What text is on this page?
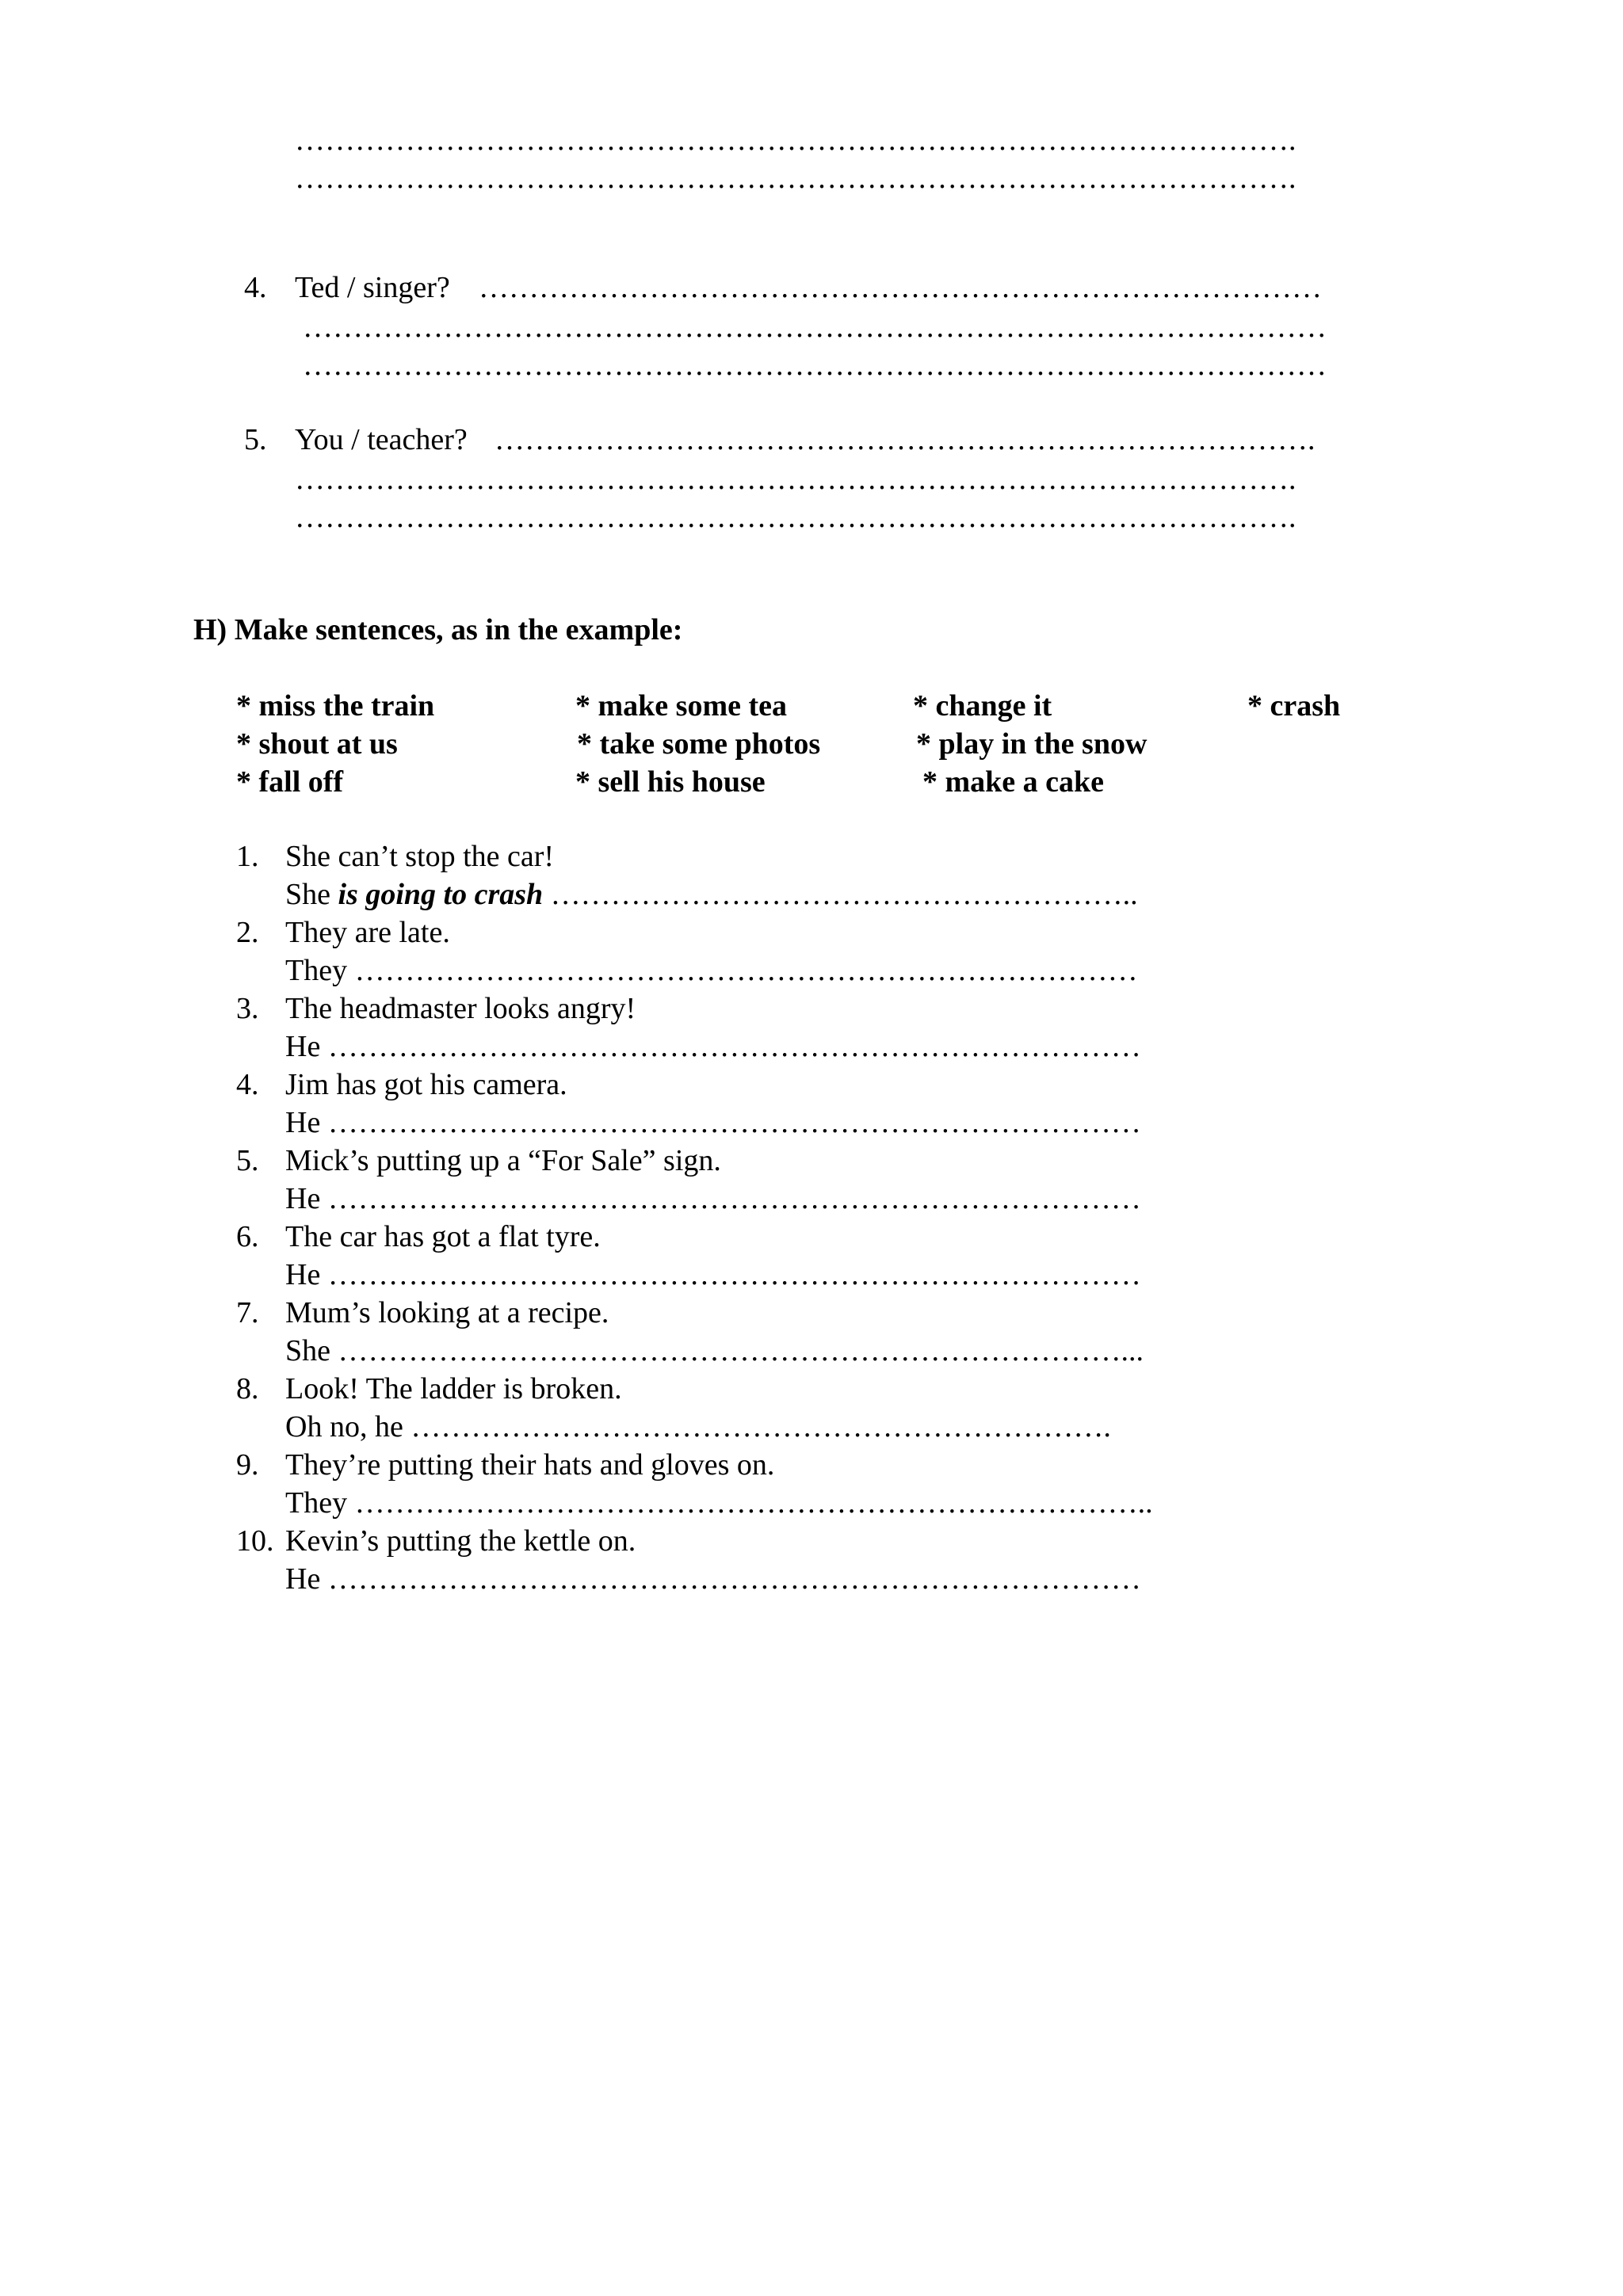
……………………………………………………………………………………….
……………………………………………………………………………………….
4. Ted / singer? …………………………………………………………………………
…………………………………………………………………………………………
…………………………………………………………………………………………
5. You / teacher? ……………………………………………………………………….
……………………………………………………………………………………….
……………………………………………………………………………………….
H) Make sentences, as in the example:
* miss the train	* make some tea	* change it	* crash
* shout at us	* take some photos	* play in the snow
* fall off	* sell his house	* make a cake
1. She can’t stop the car!
She is going to crash …………………………………………………..
2. They are late.
They ……………………………………………………………………
3. The headmaster looks angry!
He ………………………………………………………………………
4. Jim has got his camera.
He ………………………………………………………………………
5. Mick’s putting up a “For Sale” sign.
He ………………………………………………………………………
6. The car has got a flat tyre.
He ………………………………………………………………………
7. Mum’s looking at a recipe.
She ……………………………………………………………………...
8. Look! The ladder is broken.
Oh no, he …………………………………………………………….
9. They’re putting their hats and gloves on.
They ……………………………………………………………………..
10. Kevin’s putting the kettle on.
He ………………………………………………………………………
